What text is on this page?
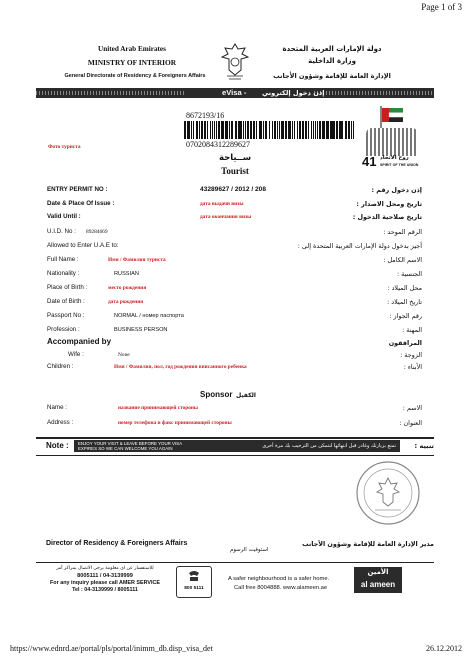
Page 1 of 3
United Arab Emirates
MINISTRY OF INTERIOR
General Directorate of Residency & Foreigners Affairs
دولة الإمارات العربية المتحدة
وزارة الداخلية
الإدارة العامة للإقامة وشؤون الأجانب
eVisa - إذن دخول إلكتروني
Фото туриста
8672193/16
0702084312289627
ســياحة
Tourist
41 روح الاتحاد
SPIRIT OF THE UNION
ENTRY PERMIT NO :	43289627 / 2012 / 208	إذن دخول رقم :
Date & Place Of Issue :	дата выдачи визы	تاريخ ومحل الاصدار :
Valid Until :	дата окончания визы	تاريخ صلاحية الدخول :
U.I.D. No : 89284669	الرقم الموحد :
Allowed to Enter U.A.E to:	أجيز بدخول دولة الإمارات العربية المتحدة إلى :
Full Name :	Имя / Фамилия туриста	الاسم الكامل :
Nationality :	RUSSIAN	الجنسية :
Place of Birth :	место рождения	محل الميلاد :
Date of Birth :	дата рождения	تاريخ الميلاد :
Passport No :	NORMAL / номер паспорта	رقم الجواز :
Profession :	BUSINESS PERSON	المهنة :
Accompanied by	المرافقون
Wife :	None	الزوجة :
Children :	Имя / Фамилия, пол, год рождения вписанного ребенка	الأبناء :
Sponsor الكفيل
Name :	название принимающей стороны	الاسم :
Address :	номер телефона и факс принимающей стороны	العنوان :
Note : ENJOY YOUR VISIT & LEAVE BEFORE YOUR VISA
EXPIRES SO WE CAN WELCOME YOU AGAIN	تمتع بزيارتك وغادر قبل انتهائها لنتمكن من الترحيب بك مرة أخرى	تنبيه :
Director of Residency & Foreigners Affairs	مدير الإدارة العامة للإقامة وشؤون الأجانب
استوفيت الرسوم
للاستفسار عن اي معلومة يرجى الاتصال بمراكز آمر
8005111 / 04-3139999
For any inquiry please call AMER SERVICE
Tel : 04-3139999 / 8005111	800 5111
الأمين
al ameen
A safer neighbourhood is a safer home.
Call free 8004888. www.alameen.ae
https://www.ednrd.ae/portal/pls/portal/inimm_db.disp_visa_det	26.12.2012
